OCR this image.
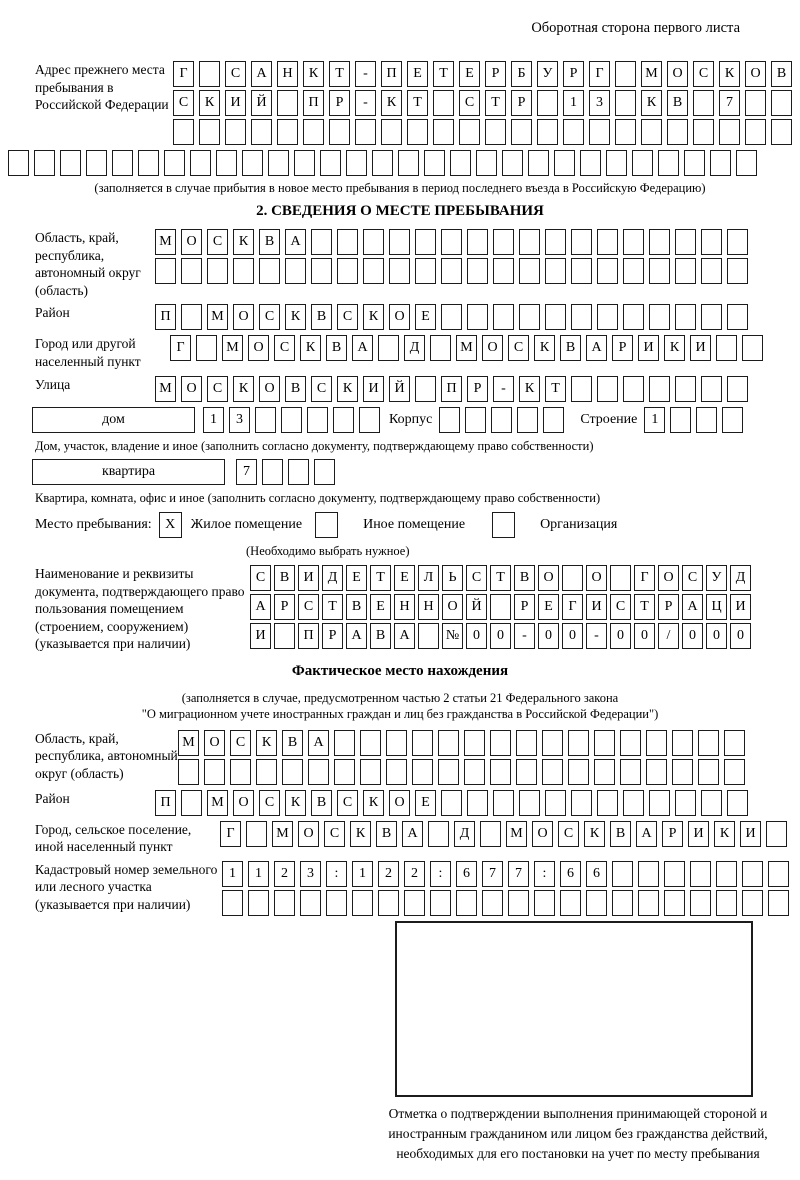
Оборотная сторона первого листа
Адрес прежнего места пребывания в Российской Федерации
Г	С	А	Н	К	Т	-	П	Е	Т	Е	Р	Б	У	Р	Г	М	О	С	К	О	В
С	К	И	Й	П	Р	-	К	Т	С	Т	Р	1	3	К	В	7
(заполняется в случае прибытия в новое место пребывания в период последнего въезда в Российскую Федерацию)
2. СВЕДЕНИЯ О МЕСТЕ ПРЕБЫВАНИЯ
Область, край, республика, автономный округ (область)
М	О	С	К	В	А
Район	П	М	О	С	К	В	С	К	О	Е
Город или другой населенный пункт
Г	М	О	С	К	В	А	Д	М	О	С	К	В	А	Р	И	К	И
Улица	М	О	С	К	О	В	С	К	И	Й	П	Р	-	К	Т
дом	1	3	Корпус	Строение	1
Дом, участок, владение и иное (заполнить согласно документу, подтверждающему право собственности)
квартира	7
Квартира, комната, офис и иное (заполнить согласно документу, подтверждающему право собственности)
Место пребывания: X	Жилое помещение	Иное помещение	Организация
(Необходимо выбрать нужное)
Наименование и реквизиты документа, подтверждающего право пользования помещением (строением, сооружением) (указывается при наличии)
С	В	И	Д	Е	Т	Е	Л	Ь	С	Т	В	О	О	Г	О	С	У	Д
А	Р	С	Т	В	Е	Н Н О Й	Р	Е	Г	И	С	Т	Р	А Ц И
И	П	Р	А	В	А	№ 0	0	-	0	0	-	0	0	/	0	0	0
Фактическое место нахождения
(заполняется в случае, предусмотренном частью 2 статьи 21 Федерального закона
"О миграционном учете иностранных граждан и лиц без гражданства в Российской Федерации")
Область, край, республика, автономный округ (область)
М	О	С	К	В	А
Район	П	М	О	С	К	В	С	К	О	Е
Город, сельское поселение, иной населенный пункт
Г	М	О	С	К	В	А	Д	М	О	С	К	В	А	Р	И	К	И
Кадастровый номер земельного или лесного участка (указывается при наличии)
1	1	2	3	:	1	2	2	:	6	7	7	:	6	6
Отметка о подтверждении выполнения принимающей стороной и иностранным гражданином или лицом без гражданства действий, необходимых для его постановки на учет по месту пребывания
